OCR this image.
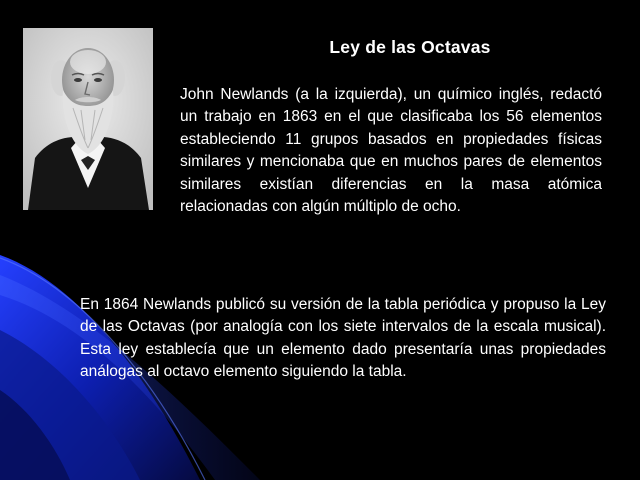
Ley de las Octavas

John Newlands (a la izquierda), un químico inglés, redactó un trabajo en 1863 en el que clasificaba los 56 elementos estableciendo 11 grupos basados en propiedades físicas similares y mencionaba que en muchos pares de elementos similares existían diferencias en la masa atómica relacionadas con algún múltiplo de ocho.

En 1864 Newlands publicó su versión de la tabla periódica y propuso la Ley de las Octavas (por analogía con los siete intervalos de la escala musical). Esta ley establecía que un elemento dado presentaría unas propiedades análogas al octavo elemento siguiendo la tabla.
